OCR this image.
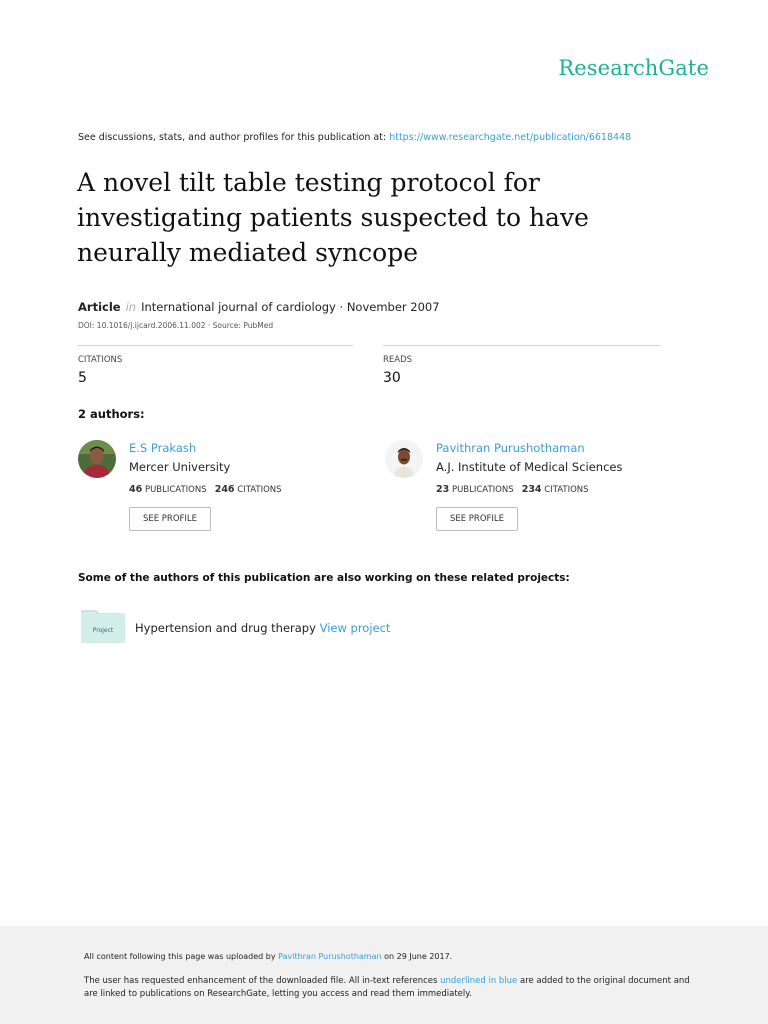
ResearchGate
See discussions, stats, and author profiles for this publication at: https://www.researchgate.net/publication/6618448
A novel tilt table testing protocol for investigating patients suspected to have neurally mediated syncope
Article in International journal of cardiology · November 2007
DOI: 10.1016/j.ijcard.2006.11.002 · Source: PubMed
CITATIONS
5
READS
30
2 authors:
E.S Prakash
Mercer University
46 PUBLICATIONS 246 CITATIONS
SEE PROFILE
Pavithran Purushothaman
A.J. Institute of Medical Sciences
23 PUBLICATIONS 234 CITATIONS
SEE PROFILE
Some of the authors of this publication are also working on these related projects:
Project Hypertension and drug therapy View project
All content following this page was uploaded by Pavithran Purushothaman on 29 June 2017.
The user has requested enhancement of the downloaded file. All in-text references underlined in blue are added to the original document and are linked to publications on ResearchGate, letting you access and read them immediately.
